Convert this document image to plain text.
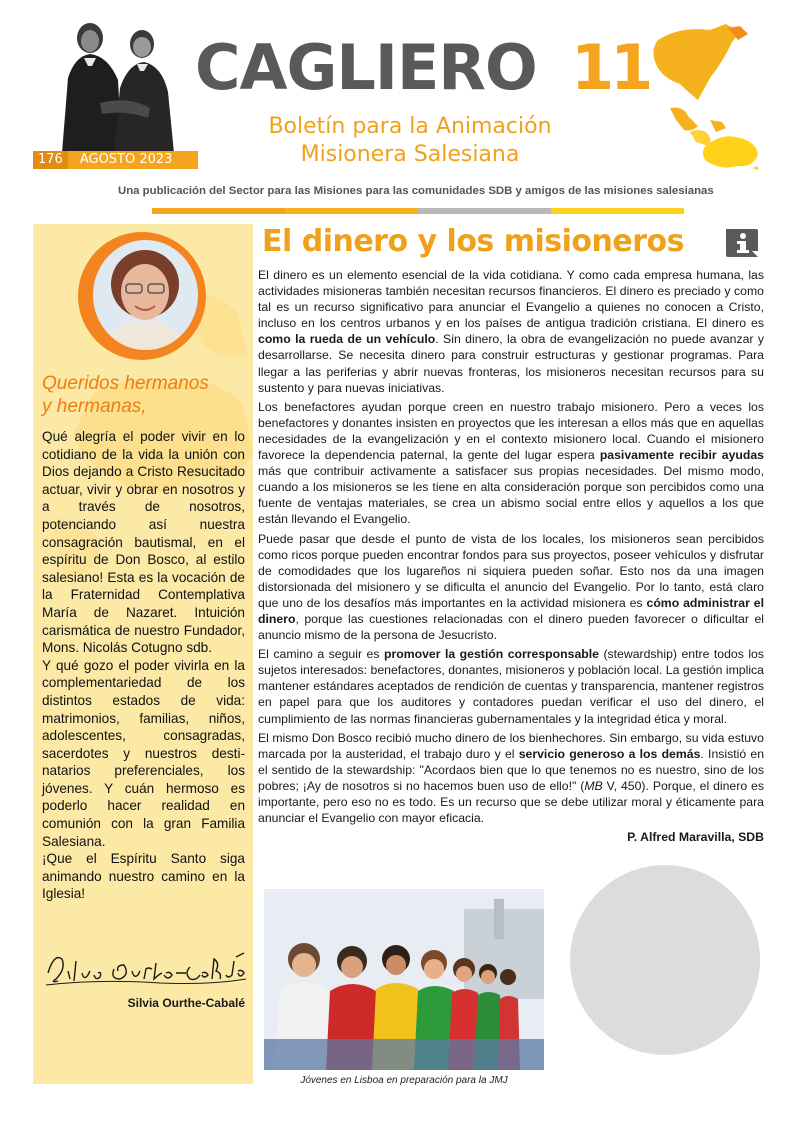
176	AGOSTO 2023
CAGLIERO 11
Boletín para la Animación
Misionera Salesiana
Una publicación del Sector para las Misiones para las comunidades SDB y amigos de las misiones salesianas
Queridos hermanos
y hermanas,

Qué alegría el poder vivir en lo cotidiano de la vida la unión con Dios dejando a Cristo Resucitado actuar, vivir y obrar en nosotros y a través de nosotros, potenciando así nuestra consagración bautismal, en el espíritu de Don Bosco, al estilo salesiano! Esta es la vocación de la Fraternidad Contemplativa María de Nazaret. Intuición carismática de nuestro Fundador, Mons. Nicolás Cotugno sdb.

Y qué gozo el poder vivirla en la complementariedad de los distintos estados de vida: matrimonios, familias, niños, adolescentes, consagradas, sacerdotes y nuestros destinatarios preferenciales, los jóvenes. Y cuán hermoso es poderlo hacer realidad en comunión con la gran Familia Salesiana.

¡Que el Espíritu Santo siga animando nuestro camino en la Iglesia!

Silvia Ourthe-Cabalé
El dinero y los misioneros

El dinero es un elemento esencial de la vida cotidiana. Y como cada empresa humana, las actividades misioneras también necesitan recursos financieros. El dinero es preciado y como tal es un recurso significativo para anunciar el Evangelio a quienes no conocen a Cristo, incluso en los centros urbanos y en los países de antigua tradición cristiana. El dinero es como la rueda de un vehículo. Sin dinero, la obra de evangelización no puede avanzar y desarrollarse. Se necesita dinero para construir estructuras y gestionar programas. Para llegar a las periferias y abrir nuevas fronteras, los misioneros necesitan recursos para su sustento y para nuevas iniciativas.

Los benefactores ayudan porque creen en nuestro trabajo misionero. Pero a veces los benefactores y donantes insisten en proyectos que les interesan a ellos más que en aquellas necesidades de la evangelización y en el contexto misionero local. Cuando el misionero favorece la dependencia paternal, la gente del lugar espera pasivamente recibir ayudas más que contribuir activamente a satisfacer sus propias necesidades. Del mismo modo, cuando a los misioneros se les tiene en alta consideración porque son percibidos como una fuente de ventajas materiales, se crea un abismo social entre ellos y aquellos a los que están llevando el Evangelio.

Puede pasar que desde el punto de vista de los locales, los misioneros sean percibidos como ricos porque pueden encontrar fondos para sus proyectos, poseer vehículos y disfrutar de comodidades que los lugareños ni siquiera pueden soñar. Esto nos da una imagen distorsionada del misionero y se dificulta el anuncio del Evangelio. Por lo tanto, está claro que uno de los desafíos más importantes en la actividad misionera es cómo administrar el dinero, porque las cuestiones relacionadas con el dinero pueden favorecer o dificultar el anuncio mismo de la persona de Jesucristo.

El camino a seguir es promover la gestión corresponsable (stewardship) entre todos los sujetos interesados: benefactores, donantes, misioneros y población local. La gestión implica mantener estándares aceptados de rendición de cuentas y transparencia, mantener registros en papel para que los auditores y contadores puedan verificar el uso del dinero, el cumplimiento de las normas financieras gubernamentales y la integridad ética y moral.

El mismo Don Bosco recibió mucho dinero de los bienhechores. Sin embargo, su vida estuvo marcada por la austeridad, el trabajo duro y el servicio generoso a los demás. Insistió en el sentido de la stewardship: "Acordaos bien que lo que tenemos no es nuestro, sino de los pobres; ¡Ay de nosotros si no hacemos buen uso de ello!" (MB V, 450). Porque, el dinero es importante, pero eso no es todo. Es un recurso que se debe utilizar moral y éticamente para anunciar el Evangelio con mayor eficacia.

P. Alfred Maravilla, SDB

Jóvenes en Lisboa en preparación para la JMJ
